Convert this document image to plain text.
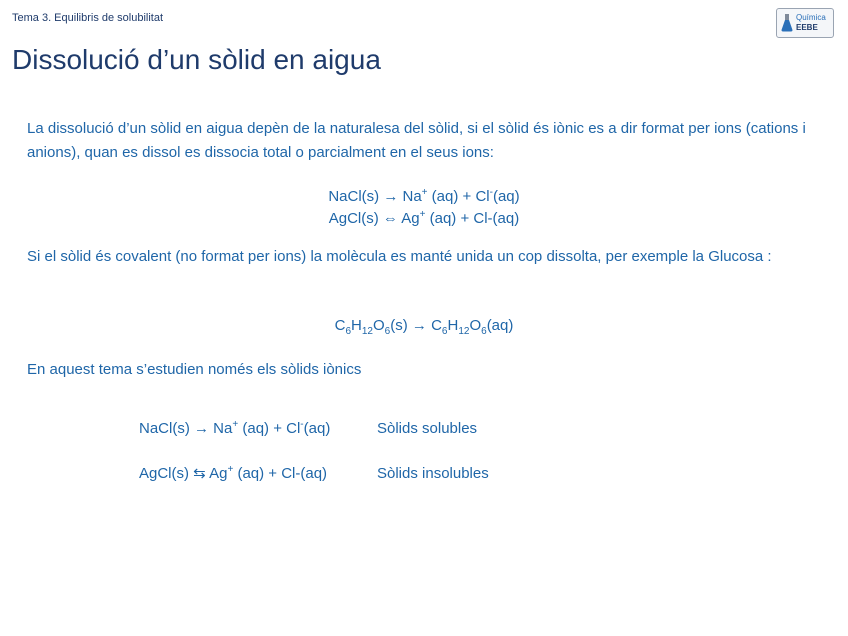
Tema 3. Equilibris de solubilitat	Química
EEBE
Dissolució d’un sòlid en aigua

La dissolució d’un sòlid en aigua depèn de la naturalesa del sòlid, si el sòlid és iònic es a dir format per ions (cations i anions), quan es dissol es dissocia total o parcialment en el seus ions:

NaCl(s) → Na+ (aq) + Cl-(aq)
AgCl(s) ⇔ Ag+ (aq) + Cl-(aq)

Si el sòlid és covalent (no format per ions) la molècula es manté unida un cop dissolta, per exemple la Glucosa :

$C_6H_{12}O_6(s) \to C_6H_{12}O_6(aq)$

En aquest tema s’estudien només els sòlids iònics

NaCl(s) → Na+ (aq) + Cl-(aq)	Sòlids solubles
AgCl(s) ⇆ Ag+ (aq) + Cl-(aq)	Sòlids insolubles
